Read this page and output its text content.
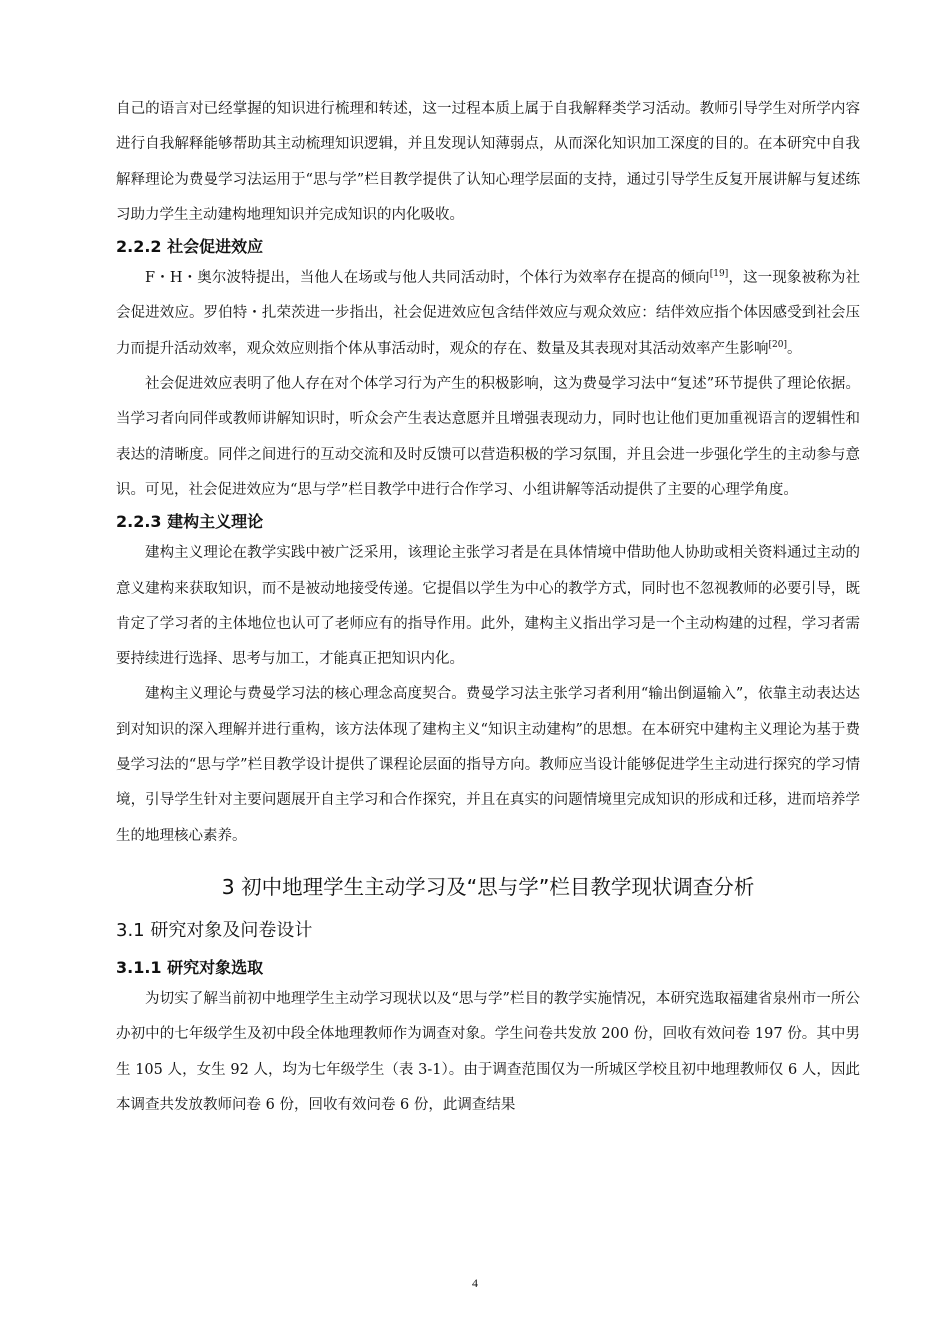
自己的语言对已经掌握的知识进行梳理和转述，这一过程本质上属于自我解释类学习活动。教师引导学生对所学内容进行自我解释能够帮助其主动梳理知识逻辑，并且发现认知薄弱点，从而深化知识加工深度的目的。在本研究中自我解释理论为费曼学习法运用于“思与学”栏目教学提供了认知心理学层面的支持，通过引导学生反复开展讲解与复述练习助力学生主动建构地理知识并完成知识的内化吸收。

2.2.2 社会促进效应

F・H・奥尔波特提出，当他人在场或与他人共同活动时，个体行为效率存在提高的倾向[19]，这一现象被称为社会促进效应。罗伯特・扎荣茨进一步指出，社会促进效应包含结伴效应与观众效应：结伴效应指个体因感受到社会压力而提升活动效率，观众效应则指个体从事活动时，观众的存在、数量及其表现对其活动效率产生影响[20]。

社会促进效应表明了他人存在对个体学习行为产生的积极影响，这为费曼学习法中“复述”环节提供了理论依据。当学习者向同伴或教师讲解知识时，听众会产生表达意愿并且增强表现动力，同时也让他们更加重视语言的逻辑性和表达的清晰度。同伴之间进行的互动交流和及时反馈可以营造积极的学习氛围，并且会进一步强化学生的主动参与意识。可见，社会促进效应为“思与学”栏目教学中进行合作学习、小组讲解等活动提供了主要的心理学角度。

2.2.3 建构主义理论

建构主义理论在教学实践中被广泛采用，该理论主张学习者是在具体情境中借助他人协助或相关资料通过主动的意义建构来获取知识，而不是被动地接受传递。它提倡以学生为中心的教学方式，同时也不忽视教师的必要引导，既肯定了学习者的主体地位也认可了老师应有的指导作用。此外，建构主义指出学习是一个主动构建的过程，学习者需要持续进行选择、思考与加工，才能真正把知识内化。

建构主义理论与费曼学习法的核心理念高度契合。费曼学习法主张学习者利用“输出倒逼输入”，依靠主动表达达到对知识的深入理解并进行重构，该方法体现了建构主义“知识主动建构”的思想。在本研究中建构主义理论为基于费曼学习法的“思与学”栏目教学设计提供了课程论层面的指导方向。教师应当设计能够促进学生主动进行探究的学习情境，引导学生针对主要问题展开自主学习和合作探究，并且在真实的问题情境里完成知识的形成和迁移，进而培养学生的地理核心素养。

3 初中地理学生主动学习及“思与学”栏目教学现状调查分析
3.1 研究对象及问卷设计
3.1.1 研究对象选取

为切实了解当前初中地理学生主动学习现状以及“思与学”栏目的教学实施情况，本研究选取福建省泉州市一所公办初中的七年级学生及初中段全体地理教师作为调查对象。学生问卷共发放 200 份，回收有效问卷 197 份。其中男生 105 人，女生 92 人，均为七年级学生（表 3-1）。由于调查范围仅为一所城区学校且初中地理教师仅 6 人，因此本调查共发放教师问卷 6 份，回收有效问卷 6 份，此调查结果

4
